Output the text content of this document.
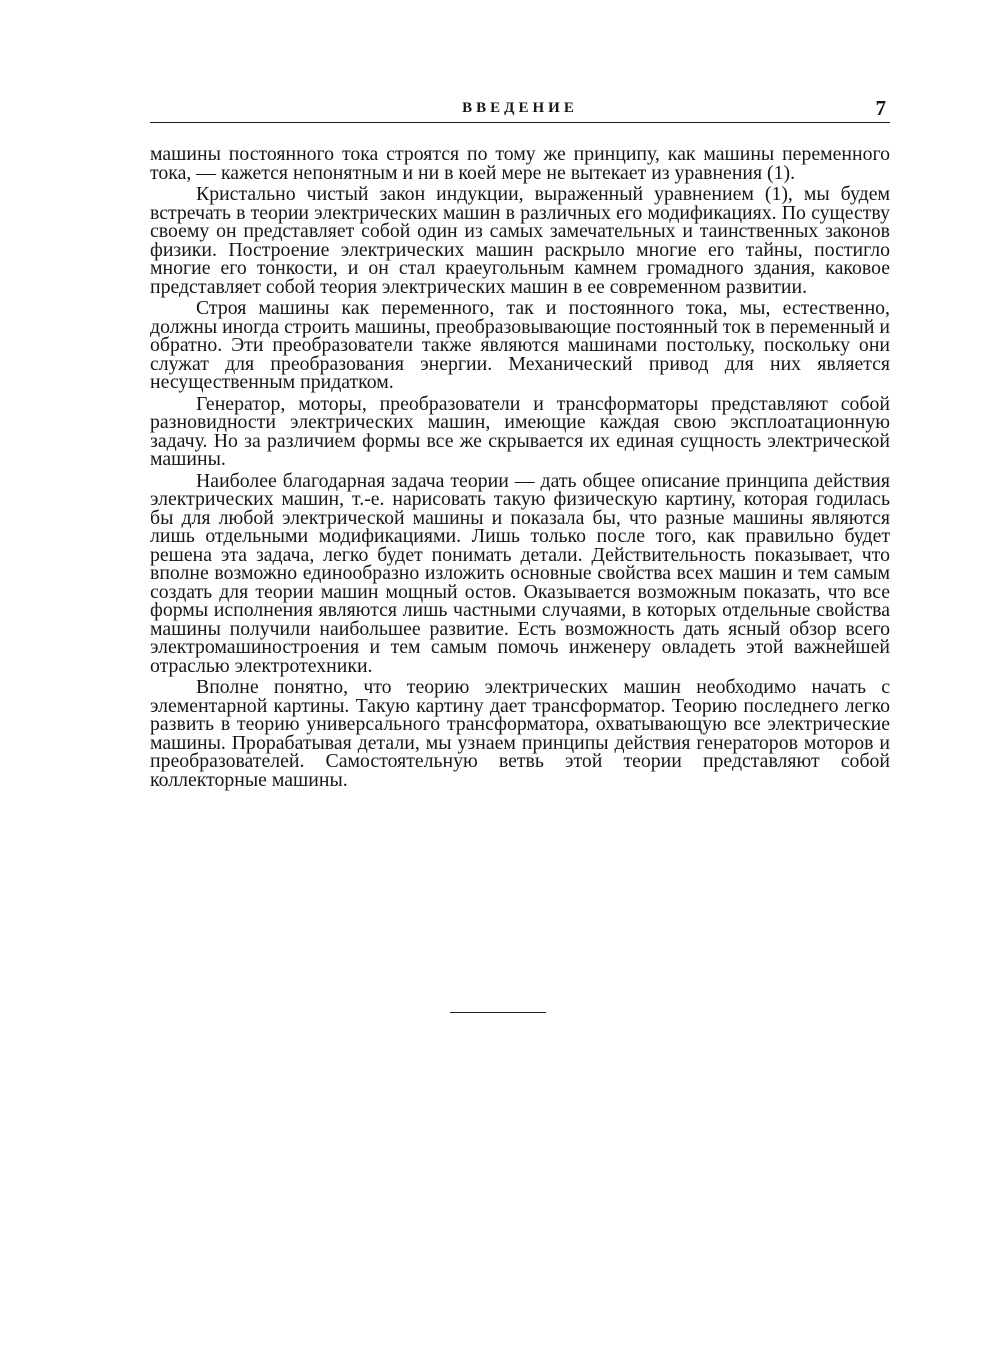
ВВЕДЕНИЕ	7

машины постоянного тока строятся по тому же принципу, как машины переменного тока, — кажется непонятным и ни в коей мере не вытекает из уравнения (1).

Кристально чистый закон индукции, выраженный уравнением (1), мы будем встречать в теории электрических машин в различных его модификациях. По существу своему он представляет собой один из самых замечательных и таинственных законов физики. Построение электрических машин раскрыло многие его тайны, постигло многие его тонкости, и он стал краеугольным камнем громадного здания, каковое представляет собой теория электрических машин в ее современном развитии.

Строя машины как переменного, так и постоянного тока, мы, естественно, должны иногда строить машины, преобразовывающие постоянный ток в переменный и обратно. Эти преобразователи также являются машинами постольку, поскольку они служат для преобразования энергии. Механический привод для них является несущественным придатком.

Генератор, моторы, преобразователи и трансформаторы представляют собой разновидности электрических машин, имеющие каждая свою эксплоатационную задачу. Но за различием формы все же скрывается их единая сущность электрической машины.

Наиболее благодарная задача теории — дать общее описание принципа действия электрических машин, т.-е. нарисовать такую физическую картину, которая годилась бы для любой электрической машины и показала бы, что разные машины являются лишь отдельными модификациями. Лишь только после того, как правильно будет решена эта задача, легко будет понимать детали. Действительность показывает, что вполне возможно единообразно изложить основные свойства всех машин и тем самым создать для теории машин мощный остов. Оказывается возможным показать, что все формы исполнения являются лишь частными случаями, в которых отдельные свойства машины получили наибольшее развитие. Есть возможность дать ясный обзор всего электромашиностроения и тем самым помочь инженеру овладеть этой важнейшей отраслью электротехники.

Вполне понятно, что теорию электрических машин необходимо начать с элементарной картины. Такую картину дает трансформатор. Теорию последнего легко развить в теорию универсального трансформатора, охватывающую все электрические машины. Прорабатывая детали, мы узнаем принципы действия генераторов моторов и преобразователей. Самостоятельную ветвь этой теории представляют собой коллекторные машины.
